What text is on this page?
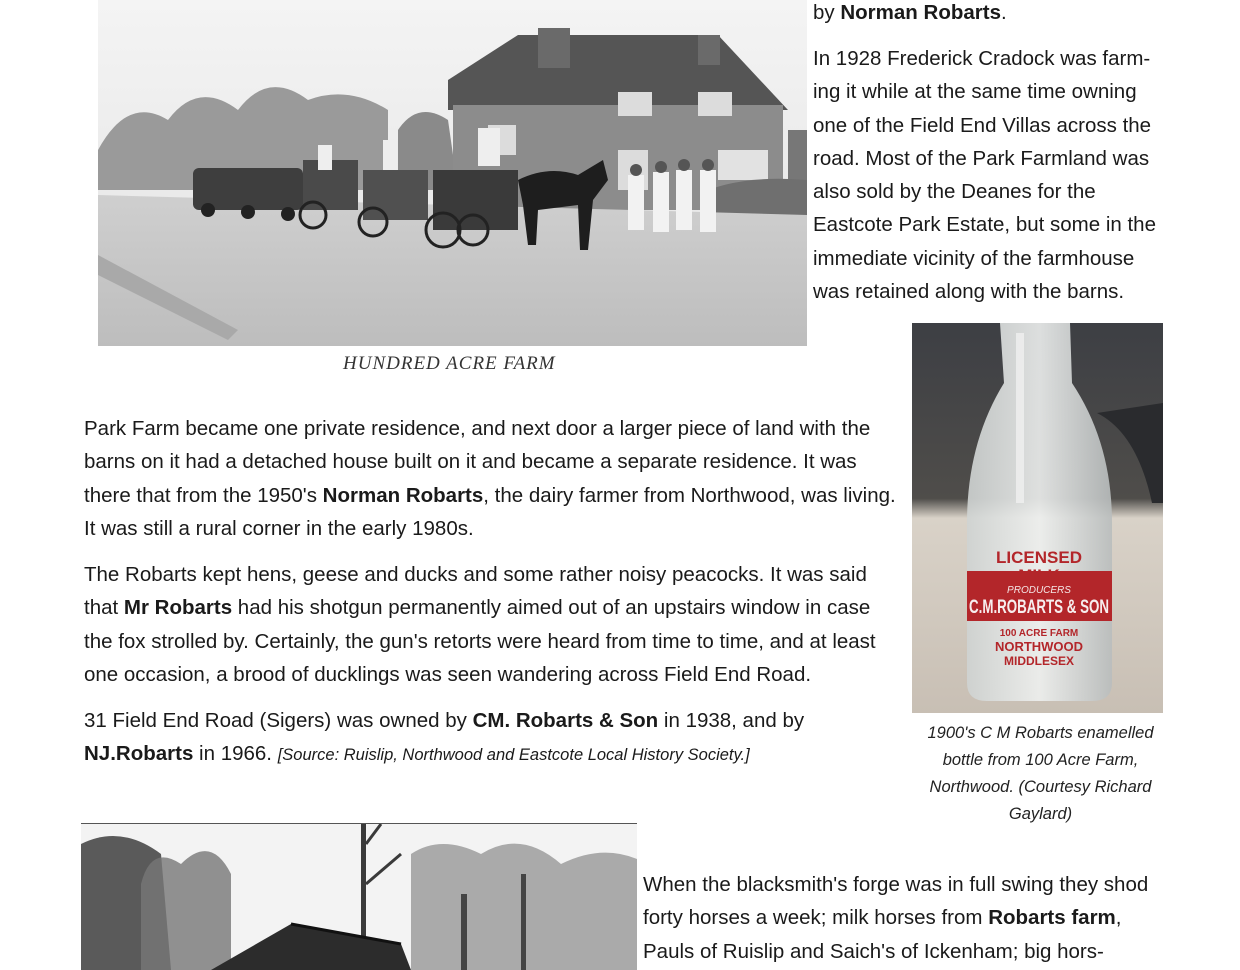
by Norman Robarts.

In 1928 Frederick Cradock was farm-ing it while at the same time owning one of the Field End Villas across the road. Most of the Park Farmland was also sold by the Deanes for the Eastcote Park Estate, but some in the immediate vicinity of the farmhouse was retained along with the barns.

HUNDRED ACRE FARM
LICENSED
MILK
PRODUCERS
C.M.ROBARTS & SON
100 ACRE FARM
NORTHWOOD
MIDDLESEX
1900's C M Robarts enamelled bottle from 100 Acre Farm, Northwood. (Courtesy Richard Gaylard)

Park Farm became one private residence, and next door a larger piece of land with the barns on it had a detached house built on it and became a separate residence. It was there that from the 1950's Norman Robarts, the dairy farmer from Northwood, was living. It was still a rural corner in the early 1980s.

The Robarts kept hens, geese and ducks and some rather noisy peacocks. It was said that Mr Robarts had his shotgun permanently aimed out of an upstairs window in case the fox strolled by. Certainly, the gun's retorts were heard from time to time, and at least one occasion, a brood of ducklings was seen wandering across Field End Road.

31 Field End Road (Sigers) was owned by CM. Robarts & Son in 1938, and by NJ.Robarts in 1966. [Source: Ruislip, Northwood and Eastcote Local History Society.]

When the blacksmith's forge was in full swing they shod forty horses a week; milk horses from Robarts farm, Pauls of Ruislip and Saich's of Ickenham; big hors-
